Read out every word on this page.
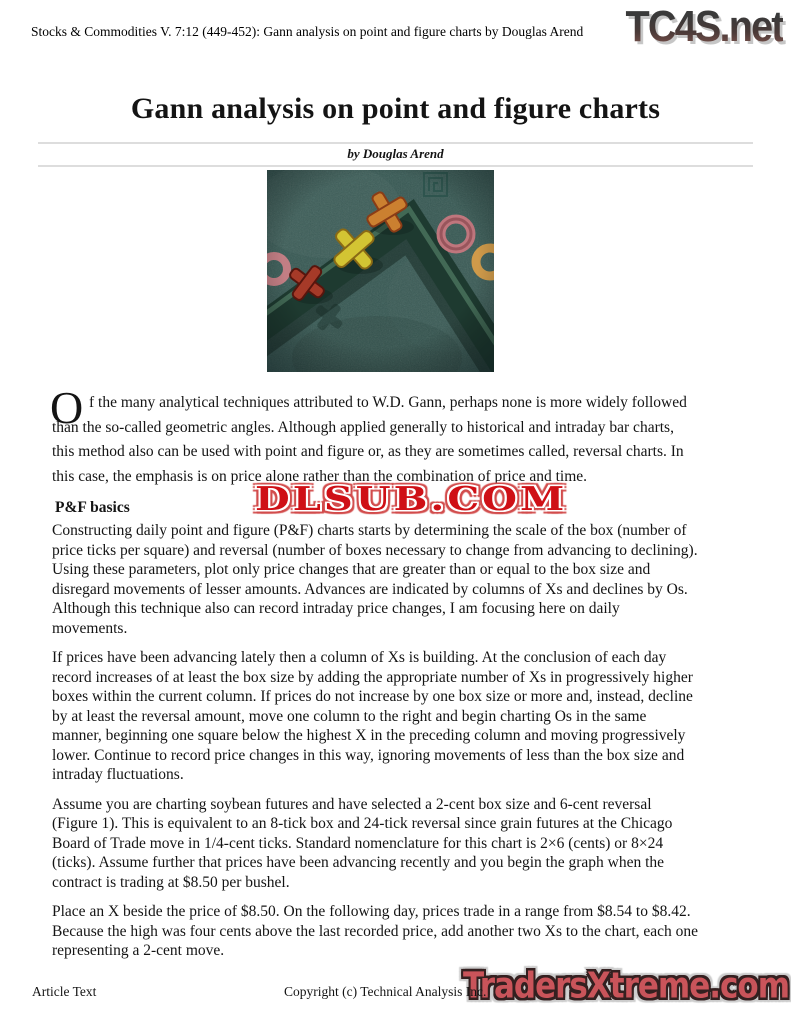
Stocks & Commodities V. 7:12 (449-452): Gann analysis on point and figure charts by Douglas Arend TC4S.net
Gann analysis on point and figure charts
by Douglas Arend

O f the many analytical techniques attributed to W.D. Gann, perhaps none is more widely followed than the so-called geometric angles. Although applied generally to historical and intraday bar charts, this method also can be used with point and figure or, as they are sometimes called, reversal charts. In this case, the emphasis is on price alone rather than the combination of price and time.

P&F basics

Constructing daily point and figure (P&F) charts starts by determining the scale of the box (number of price ticks per square) and reversal (number of boxes necessary to change from advancing to declining). Using these parameters, plot only price changes that are greater than or equal to the box size and disregard movements of lesser amounts. Advances are indicated by columns of Xs and declines by Os. Although this technique also can record intraday price changes, I am focusing here on daily movements.

If prices have been advancing lately then a column of Xs is building. At the conclusion of each day record increases of at least the box size by adding the appropriate number of Xs in progressively higher boxes within the current column. If prices do not increase by one box size or more and, instead, decline by at least the reversal amount, move one column to the right and begin charting Os in the same manner, beginning one square below the highest X in the preceding column and moving progressively lower. Continue to record price changes in this way, ignoring movements of less than the box size and intraday fluctuations.

Assume you are charting soybean futures and have selected a 2-cent box size and 6-cent reversal (Figure 1). This is equivalent to an 8-tick box and 24-tick reversal since grain futures at the Chicago Board of Trade move in 1/4-cent ticks. Standard nomenclature for this chart is 2×6 (cents) or 8×24 (ticks). Assume further that prices have been advancing recently and you begin the graph when the contract is trading at $8.50 per bushel.

Place an X beside the price of $8.50. On the following day, prices trade in a range from $8.54 to $8.42. Because the high was four cents above the last recorded price, add another two Xs to the chart, each one representing a 2-cent move.

DLSUB.COM
TradersXtreme.com
Article Text	Copyright (c) Technical Analysis Inc.
